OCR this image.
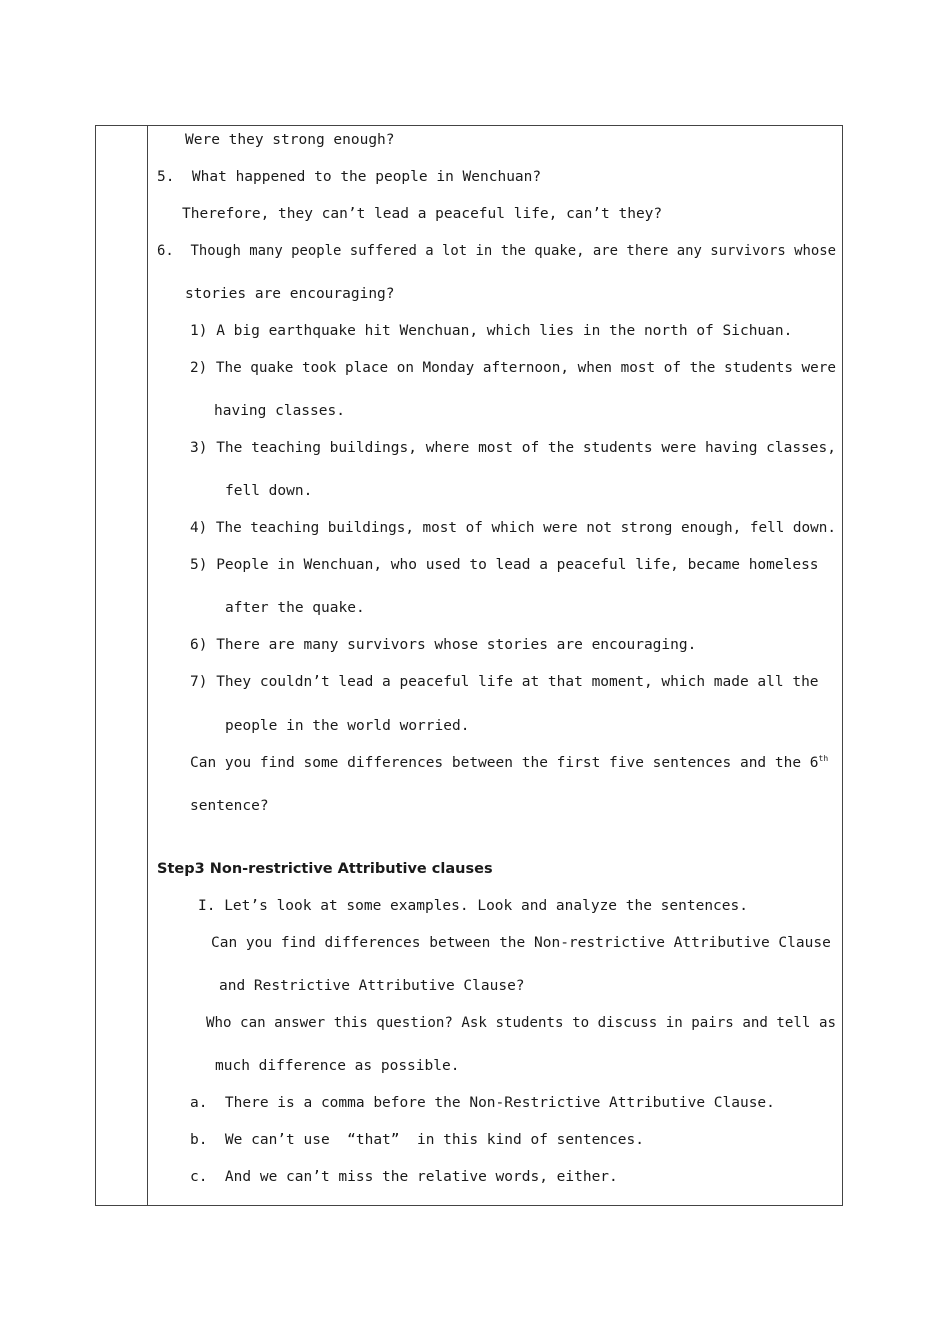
Were they strong enough?
5.  What happened to the people in Wenchuan?
Therefore, they can’t lead a peaceful life, can’t they?
6.  Though many people suffered a lot in the quake, are there any survivors whose
stories are encouraging?
1) A big earthquake hit Wenchuan, which lies in the north of Sichuan.
2) The quake took place on Monday afternoon, when most of the students were
having classes.
3) The teaching buildings, where most of the students were having classes,
fell down.
4) The teaching buildings, most of which were not strong enough, fell down.
5) People in Wenchuan, who used to lead a peaceful life, became homeless
after the quake.
6) There are many survivors whose stories are encouraging.
7) They couldn’t lead a peaceful life at that moment, which made all the
people in the world worried.
Can you find some differences between the first five sentences and the 6th
sentence?
Step3 Non-restrictive Attributive clauses
I. Let’s look at some examples. Look and analyze the sentences.
Can you find differences between the Non-restrictive Attributive Clause
and Restrictive Attributive Clause?
Who can answer this question? Ask students to discuss in pairs and tell as
much difference as possible.
a.  There is a comma before the Non-Restrictive Attributive Clause.
b.  We can’t use  “that”  in this kind of sentences.
c.  And we can’t miss the relative words, either.
